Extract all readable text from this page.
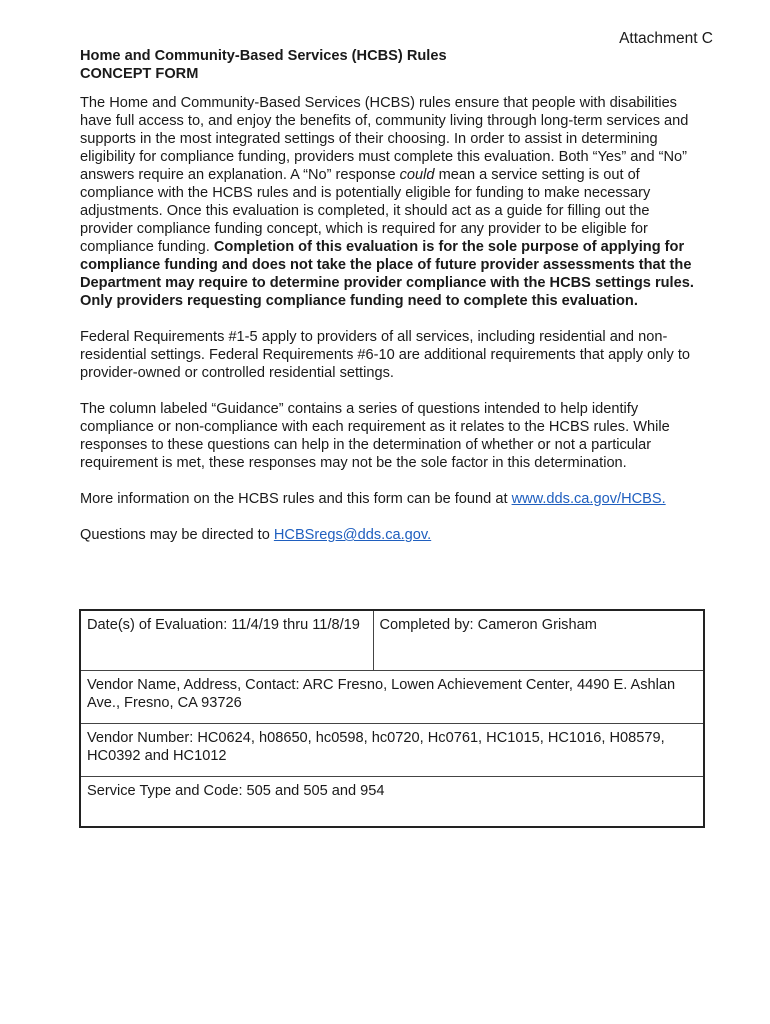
Attachment C

Home and Community-Based Services (HCBS) Rules

CONCEPT FORM

The Home and Community-Based Services (HCBS) rules ensure that people with disabilities have full access to, and enjoy the benefits of, community living through long-term services and supports in the most integrated settings of their choosing. In order to assist in determining eligibility for compliance funding, providers must complete this evaluation. Both “Yes” and “No” answers require an explanation. A “No” response could mean a service setting is out of compliance with the HCBS rules and is potentially eligible for funding to make necessary adjustments. Once this evaluation is completed, it should act as a guide for filling out the provider compliance funding concept, which is required for any provider to be eligible for compliance funding. Completion of this evaluation is for the sole purpose of applying for compliance funding and does not take the place of future provider assessments that the Department may require to determine provider compliance with the HCBS settings rules. Only providers requesting compliance funding need to complete this evaluation.

Federal Requirements #1-5 apply to providers of all services, including residential and non-residential settings. Federal Requirements #6-10 are additional requirements that apply only to provider-owned or controlled residential settings.

The column labeled “Guidance” contains a series of questions intended to help identify compliance or non-compliance with each requirement as it relates to the HCBS rules. While responses to these questions can help in the determination of whether or not a particular requirement is met, these responses may not be the sole factor in this determination.

More information on the HCBS rules and this form can be found at www.dds.ca.gov/HCBS.

Questions may be directed to HCBSregs@dds.ca.gov.

Date(s) of Evaluation: 11/4/19 thru 11/8/19	Completed by: Cameron Grisham
Vendor Name, Address, Contact: ARC Fresno, Lowen Achievement Center, 4490 E. Ashlan Ave., Fresno, CA 93726
Vendor Number: HC0624, h08650, hc0598, hc0720, Hc0761, HC1015, HC1016, H08579, HC0392 and HC1012
Service Type and Code: 505 and 505 and 954
